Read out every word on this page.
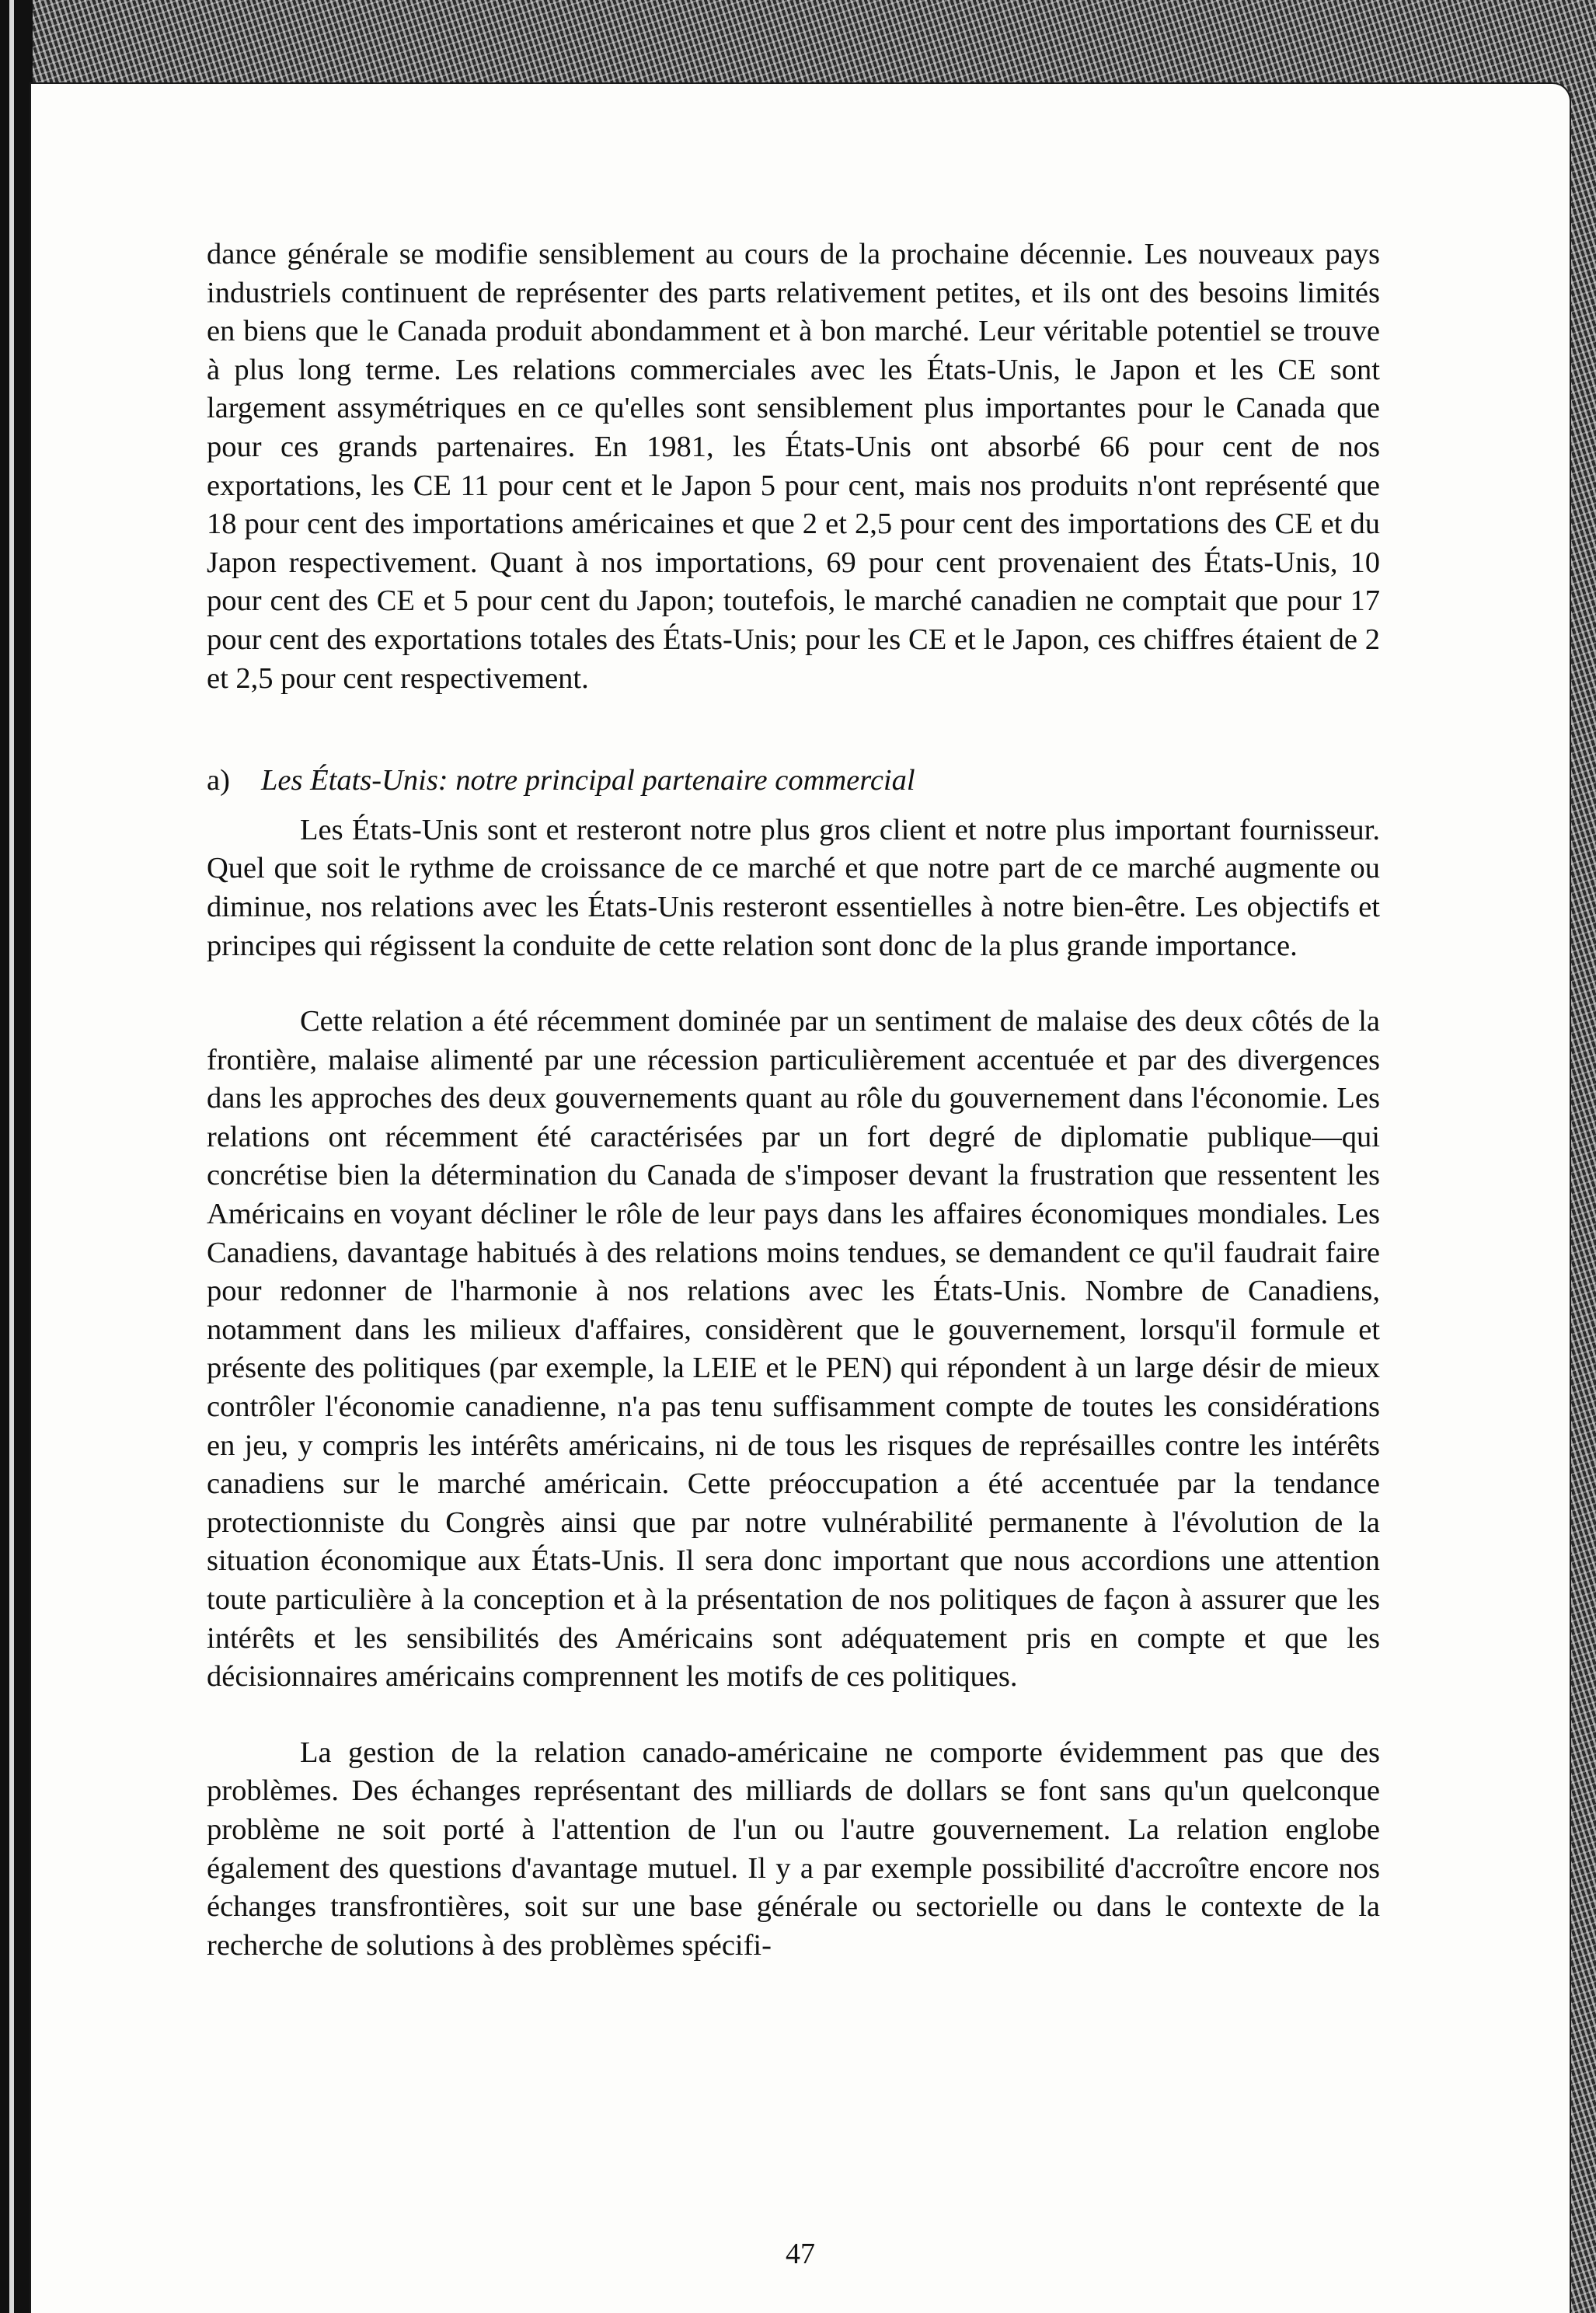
dance générale se modifie sensiblement au cours de la prochaine décennie. Les nouveaux pays industriels continuent de représenter des parts relativement petites, et ils ont des besoins limités en biens que le Canada produit abondamment et à bon marché. Leur véritable potentiel se trouve à plus long terme. Les relations commerciales avec les États-Unis, le Japon et les CE sont largement assymétriques en ce qu'elles sont sensiblement plus importantes pour le Canada que pour ces grands partenaires. En 1981, les États-Unis ont absorbé 66 pour cent de nos exportations, les CE 11 pour cent et le Japon 5 pour cent, mais nos produits n'ont représenté que 18 pour cent des importations américaines et que 2 et 2,5 pour cent des importations des CE et du Japon respectivement. Quant à nos importations, 69 pour cent provenaient des États-Unis, 10 pour cent des CE et 5 pour cent du Japon; toutefois, le marché canadien ne comptait que pour 17 pour cent des exportations totales des États-Unis; pour les CE et le Japon, ces chiffres étaient de 2 et 2,5 pour cent respectivement.

a) Les États-Unis: notre principal partenaire commercial

Les États-Unis sont et resteront notre plus gros client et notre plus important fournisseur. Quel que soit le rythme de croissance de ce marché et que notre part de ce marché augmente ou diminue, nos relations avec les États-Unis resteront essentielles à notre bien-être. Les objectifs et principes qui régissent la conduite de cette relation sont donc de la plus grande importance.

Cette relation a été récemment dominée par un sentiment de malaise des deux côtés de la frontière, malaise alimenté par une récession particulièrement accentuée et par des divergences dans les approches des deux gouvernements quant au rôle du gouvernement dans l'économie. Les relations ont récemment été caractérisées par un fort degré de diplomatie publique—qui concrétise bien la détermination du Canada de s'imposer devant la frustration que ressentent les Américains en voyant décliner le rôle de leur pays dans les affaires économiques mondiales. Les Canadiens, davantage habitués à des relations moins tendues, se demandent ce qu'il faudrait faire pour redonner de l'harmonie à nos relations avec les États-Unis. Nombre de Canadiens, notamment dans les milieux d'affaires, considèrent que le gouvernement, lorsqu'il formule et présente des politiques (par exemple, la LEIE et le PEN) qui répondent à un large désir de mieux contrôler l'économie canadienne, n'a pas tenu suffisamment compte de toutes les considérations en jeu, y compris les intérêts américains, ni de tous les risques de représailles contre les intérêts canadiens sur le marché américain. Cette préoccupation a été accentuée par la tendance protectionniste du Congrès ainsi que par notre vulnérabilité permanente à l'évolution de la situation économique aux États-Unis. Il sera donc important que nous accordions une attention toute particulière à la conception et à la présentation de nos politiques de façon à assurer que les intérêts et les sensibilités des Américains sont adéquatement pris en compte et que les décisionnaires américains comprennent les motifs de ces politiques.

La gestion de la relation canado-américaine ne comporte évidemment pas que des problèmes. Des échanges représentant des milliards de dollars se font sans qu'un quelconque problème ne soit porté à l'attention de l'un ou l'autre gouvernement. La relation englobe également des questions d'avantage mutuel. Il y a par exemple possibilité d'accroître encore nos échanges transfrontières, soit sur une base générale ou sectorielle ou dans le contexte de la recherche de solutions à des problèmes spécifi-

47
